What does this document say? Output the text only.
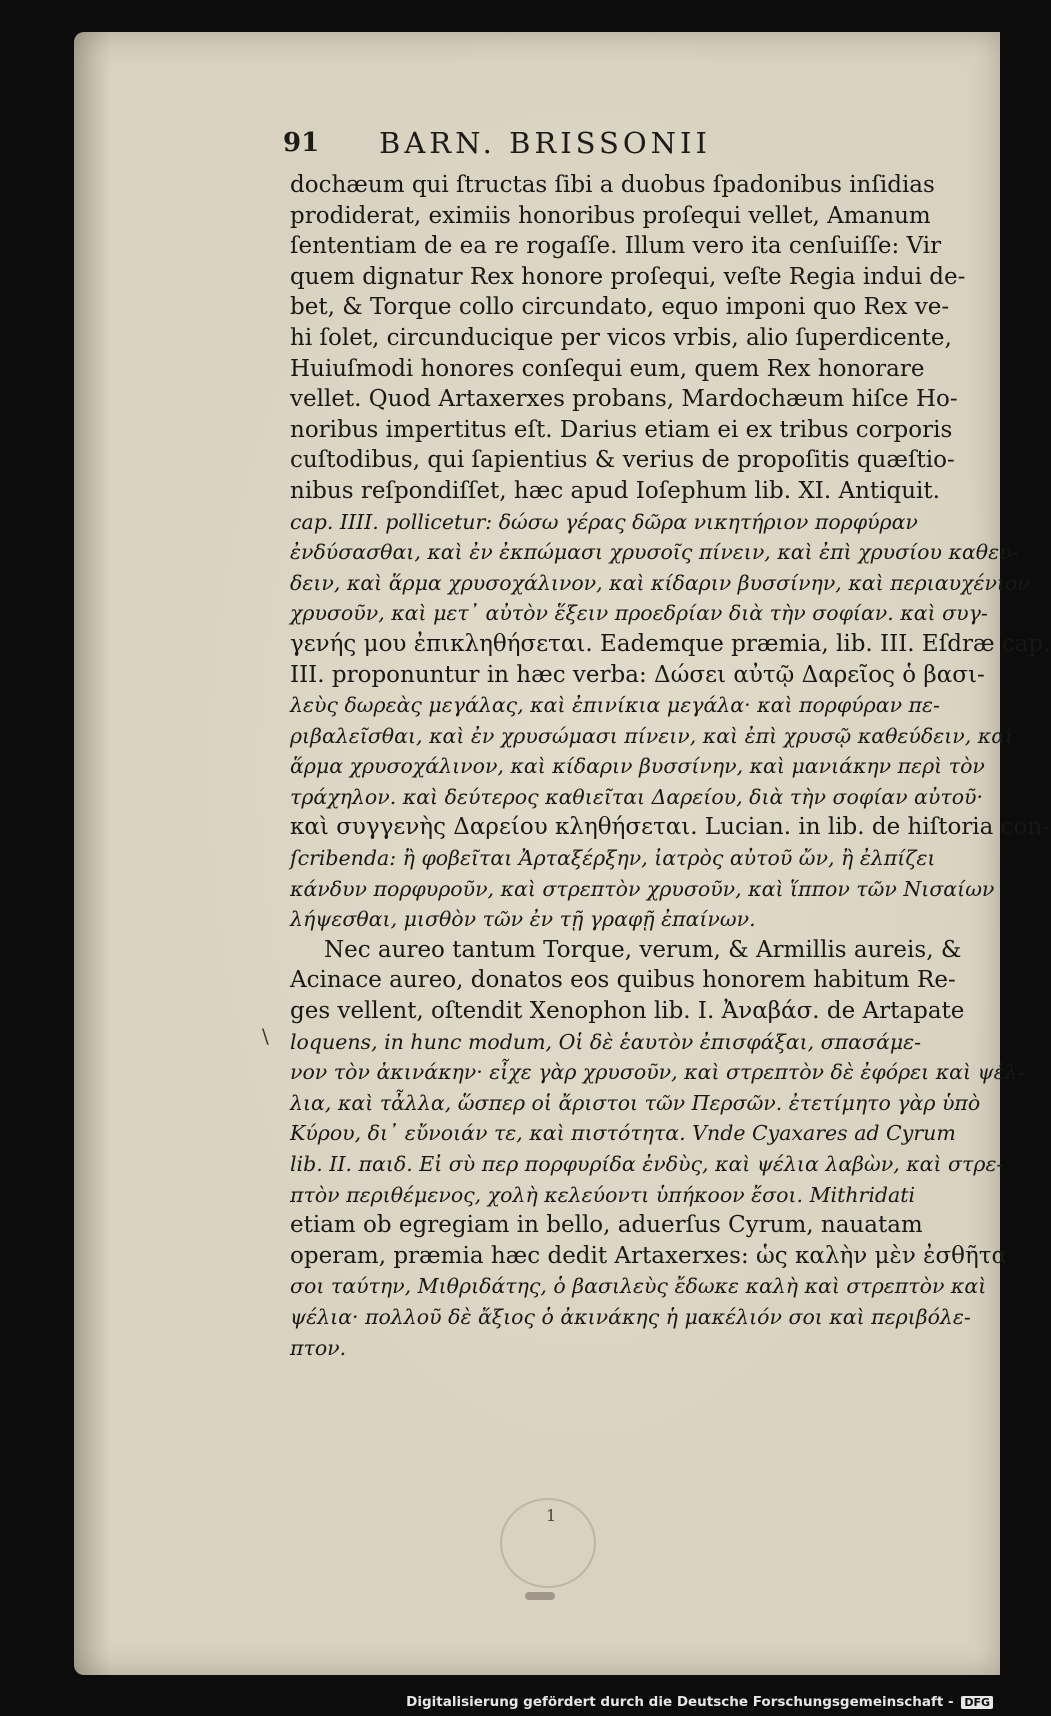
91	BARN. BRISSONII
\
dochæum qui ſtructas ſibi a duobus ſpadonibus inſidias
prodiderat, eximiis honoribus proſequi vellet, Amanum
ſententiam de ea re rogaſſe. Illum vero ita cenſuiſſe: Vir
quem dignatur Rex honore proſequi, veſte Regia indui de-
bet, & Torque collo circundato, equo imponi quo Rex ve-
hi ſolet, circunducique per vicos vrbis, alio ſuperdicente,
Huiuſmodi honores conſequi eum, quem Rex honorare
vellet. Quod Artaxerxes probans, Mardochæum hiſce Ho-
noribus impertitus eſt. Darius etiam ei ex tribus corporis
cuſtodibus, qui ſapientius & verius de propoſitis quæſtio-
nibus reſpondiſſet, hæc apud Ioſephum lib. XI. Antiquit.
cap. IIII. pollicetur: δώσω γέρας δῶρα νικητήριον πορφύραν
ἐνδύσασθαι, καὶ ἐν ἐκπώμασι χρυσοῖς πίνειν, καὶ ἐπὶ χρυσίου καθεύ-
δειν, καὶ ἅρμα χρυσοχάλινον, καὶ κίδαριν βυσσίνην, καὶ περιαυχένιον
χρυσοῦν, καὶ μετ᾽ αὐτὸν ἕξειν προεδρίαν διὰ τὴν σοφίαν. καὶ συγ-
γενής μου ἐπικληθήσεται. Eademque præmia, lib. III. Eſdræ cap.
III. proponuntur in hæc verba: Δώσει αὐτῷ Δαρεῖος ὁ βασι-
λεὺς δωρεὰς μεγάλας, καὶ ἐπινίκια μεγάλα· καὶ πορφύραν πε-
ριβαλεῖσθαι, καὶ ἐν χρυσώμασι πίνειν, καὶ ἐπὶ χρυσῷ καθεύδειν, καὶ
ἅρμα χρυσοχάλινον, καὶ κίδαριν βυσσίνην, καὶ μανιάκην περὶ τὸν
τράχηλον. καὶ δεύτερος καθιεῖται Δαρείου, διὰ τὴν σοφίαν αὐτοῦ·
καὶ συγγενὴς Δαρείου κληθήσεται. Lucian. in lib. de hiſtoria con-
ſcribenda: ἢ φοβεῖται Ἀρταξέρξην, ἰατρὸς αὐτοῦ ὤν, ἢ ἐλπίζει
κάνδυν πορφυροῦν, καὶ στρεπτὸν χρυσοῦν, καὶ ἵππον τῶν Νισαίων
λήψεσθαι, μισθὸν τῶν ἐν τῇ γραφῇ ἐπαίνων.
Nec aureo tantum Torque, verum, & Armillis aureis, &
Acinace aureo, donatos eos quibus honorem habitum Re-
ges vellent, oſtendit Xenophon lib. I. Ἀναβάσ. de Artapate
loquens, in hunc modum, Οἱ δὲ ἑαυτὸν ἐπισφάξαι, σπασάμε-
νον τὸν ἀκινάκην· εἶχε γὰρ χρυσοῦν, καὶ στρεπτὸν δὲ ἐφόρει καὶ ψέλ-
λια, καὶ τἆλλα, ὥσπερ οἱ ἄριστοι τῶν Περσῶν. ἐτετίμητο γὰρ ὑπὸ
Κύρου, δι᾽ εὔνοιάν τε, καὶ πιστότητα. Vnde Cyaxares ad Cyrum
lib. II. παιδ. Εἰ σὺ περ πορφυρίδα ἐνδὺς, καὶ ψέλια λαβὼν, καὶ στρε-
πτὸν περιθέμενος, χολὴ κελεύοντι ὑπήκοον ἔσοι. Mithridati
etiam ob egregiam in bello, aduerſus Cyrum, nauatam
operam, præmia hæc dedit Artaxerxes: ὡς καλὴν μὲν ἐσθῆτα
σοι ταύτην, Μιθριδάτης, ὁ βασιλεὺς ἔδωκε καλὴ καὶ στρεπτὸν καὶ
ψέλια· πολλοῦ δὲ ἄξιος ὁ ἀκινάκης ἡ μακέλιόν σοι καὶ περιβόλε-
πτον.
1
Digitalisierung gefördert durch die Deutsche Forschungsgemeinschaft - DFG
